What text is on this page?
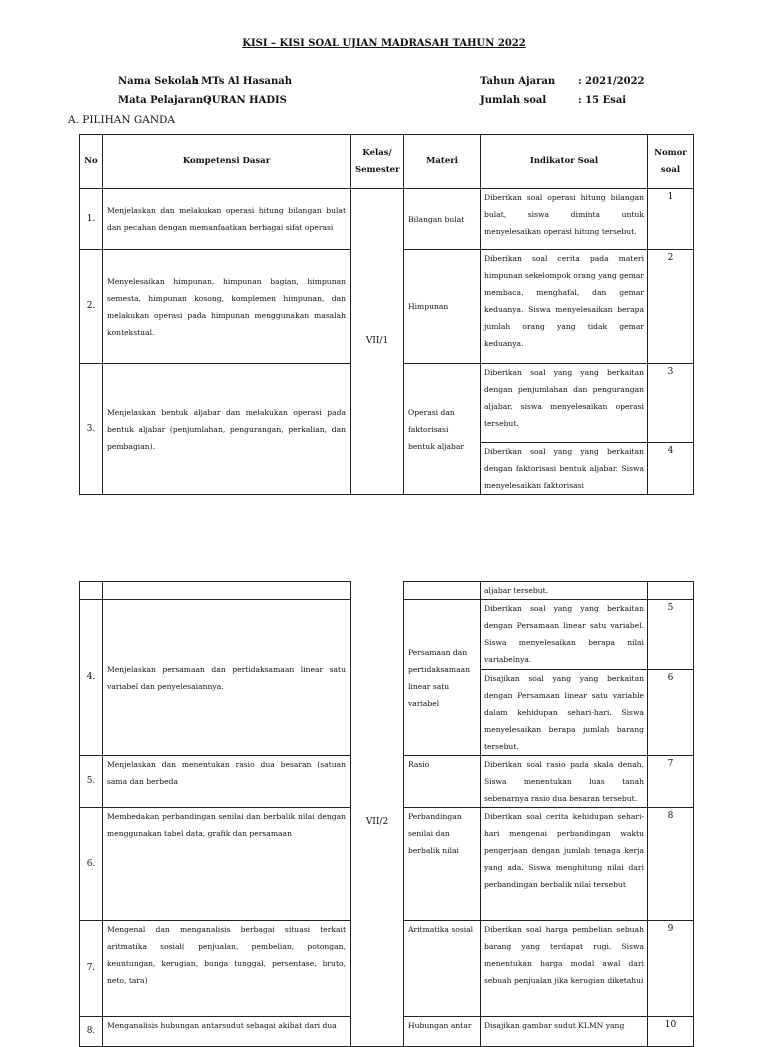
KISI – KISI SOAL UJIAN MADRASAH TAHUN 2022
Nama Sekolah
: MTs Al Hasanah
Mata Pelajaran :
QURAN HADIS
Tahun Ajaran : 2021/2022
Jumlah soal	: 15 Esai
A. PILIHAN GANDA
No	Kompetensi Dasar	Kelas/ Semester	Materi	Indikator Soal	Nomor soal
1.	Menjelaskan dan melakukan operasi hitung bilangan bulat dan pecahan dengan memanfaatkan berbagai sifat operasi	VII/1	Bilangan bulat	Diberikan soal operasi hitung bilangan bulat, siswa diminta untuk menyelesaikan operasi hitung tersebut.	1
2.	Menyelesaikan himpunan, himpunan bagian, himpunan semesta, himpunan kosong, komplemen himpunan, dan melakukan operasi pada himpunan menggunakan masalah kontekstual.		Himpunan	Diberikan soal cerita pada materi himpunan sekelompok orang yang gemar membaca, menghafal, dan gemar keduanya. Siswa menyelesaikan berapa jumlah orang yang tidak gemar keduanya.	2
3.	Menjelaskan bentuk aljabar dan melakukan operasi pada bentuk aljabar (penjumlahan, pengurangan, perkalian, dan pembagian).		Operasi dan faktorisasi bentuk aljabar	Diberikan soal yang yang berkaitan dengan penjumlahan dan pengurangan aljabar, siswa menyelesaikan operasi tersebut.	3
				Diberikan soal yang yang berkaitan dengan faktorisasi bentuk aljabar. Siswa menyelesaikan faktorisasi	4
				aljabar tersebut.	
4.	Menjelaskan persamaan dan pertidaksamaan linear satu variabel dan penyelesaiannya.	VII/2	Persamaan dan pertidaksamaan linear satu variabel	Diberikan soal yang yang berkaitan dengan Persamaan linear satu variabel. Siswa menyelesaikan berapa nilai variabelnya.	5
				Disajikan soal yang yang berkaitan dengan Persamaan linear satu variable dalam kehidupan sehari-hari. Siswa menyelesaikan berapa jumlah barang tersebut.	6
5.	Menjelaskan dan menentukan rasio dua besaran (satuan sama dan berbeda		Rasio	Diberikan soal rasio pada skala denah. Siswa menentukan luas tanah sebenarnya rasio dua besaran tersebut.	7
6.	Membedakan perbandingan senilai dan berbalik nilai dengan menggunakan tabel data, grafik dan persamaan		Perbandingan senilai dan berbalik nilai	Diberikan soal cerita kehidupan sehari-hari mengenai perbandingan waktu pengerjaan dengan jumlah tenaga kerja yang ada. Siswa menghitung nilai dari perbandingan berbalik nilai tersebut	8
7.	Mengenal dan menganalisis berbagai situasi terkait aritmatika sosial( penjualan, pembelian, potongan, keuntungan, kerugian, bunga tunggal, persentase, bruto, neto, tara)		Aritmatika sosial	Diberikan soal harga pembelian sebuah barang yang terdapat rugi. Siswa menentukan harga modal awal dari sebuah penjualan jika kerugian diketahui	9
8.	Menganalisis hubungan antarsudut sebagai akibat dari dua		Hubungan antar	Disajikan gambar sudut KLMN yang	10
